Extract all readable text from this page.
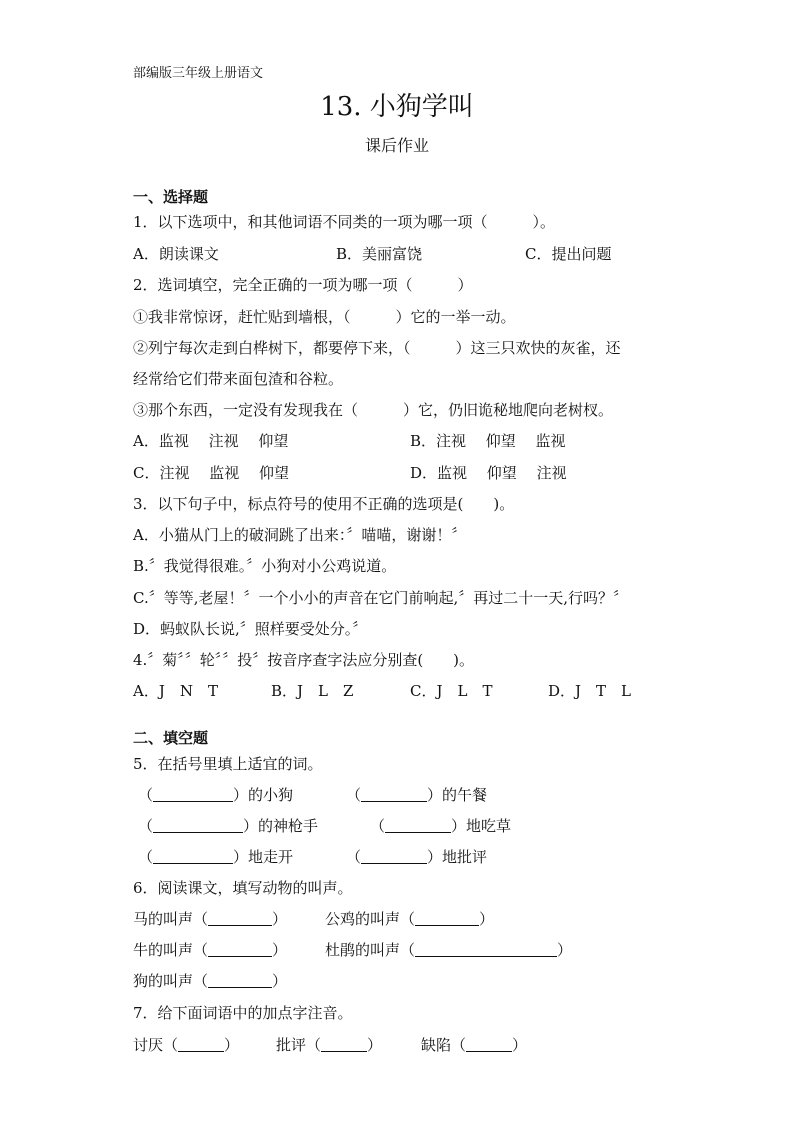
部编版三年级上册语文
13. 小狗学叫
课后作业
一、选择题
1．以下选项中，和其他词语不同类的一项为哪一项（　　　）。
A．朗读课文	B．美丽富饶	C．提出问题
2．选词填空，完全正确的一项为哪一项（　　　）
①我非常惊讶，赶忙贴到墙根，（　　　）它的一举一动。
②列宁每次走到白桦树下，都要停下来，（　　　）这三只欢快的灰雀，还
经常给它们带来面包渣和谷粒。
③那个东西，一定没有发现我在（　　　）它，仍旧诡秘地爬向老树杈。
A．监视　 注视　 仰望	B．注视　 仰望　 监视
C．注视　 监视　 仰望	D．监视　 仰望　 注视
3．以下句子中，标点符号的使用不正确的选项是(　　)。
A．小猫从门上的破洞跳了出来：〞喵喵，谢谢！〞
B.〞我觉得很难。〞小狗对小公鸡说道。
C.〞等等,老屋！〞一个小小的声音在它门前响起,〞再过二十一天,行吗？〞
D．蚂蚁队长说,〞照样要受处分。〞
4.〞菊〞〞轮〞〞投〞按音序查字法应分别查(　　)。
A．J　N　T	B．J　L　Z	C．J　L　T	D．J　T　L
二、填空题
5．在括号里填上适宜的词。
（	）的小狗	（	）的午餐
（	）的神枪手	（	）地吃草
（	）地走开	（	）地批评
6．阅读课文，填写动物的叫声。
马的叫声（	）	公鸡的叫声（	）
牛的叫声（	）	杜鹃的叫声（	）
狗的叫声（	）
7．给下面词语中的加点字注音。
讨厌（	） 批评（	）	缺陷（	）
